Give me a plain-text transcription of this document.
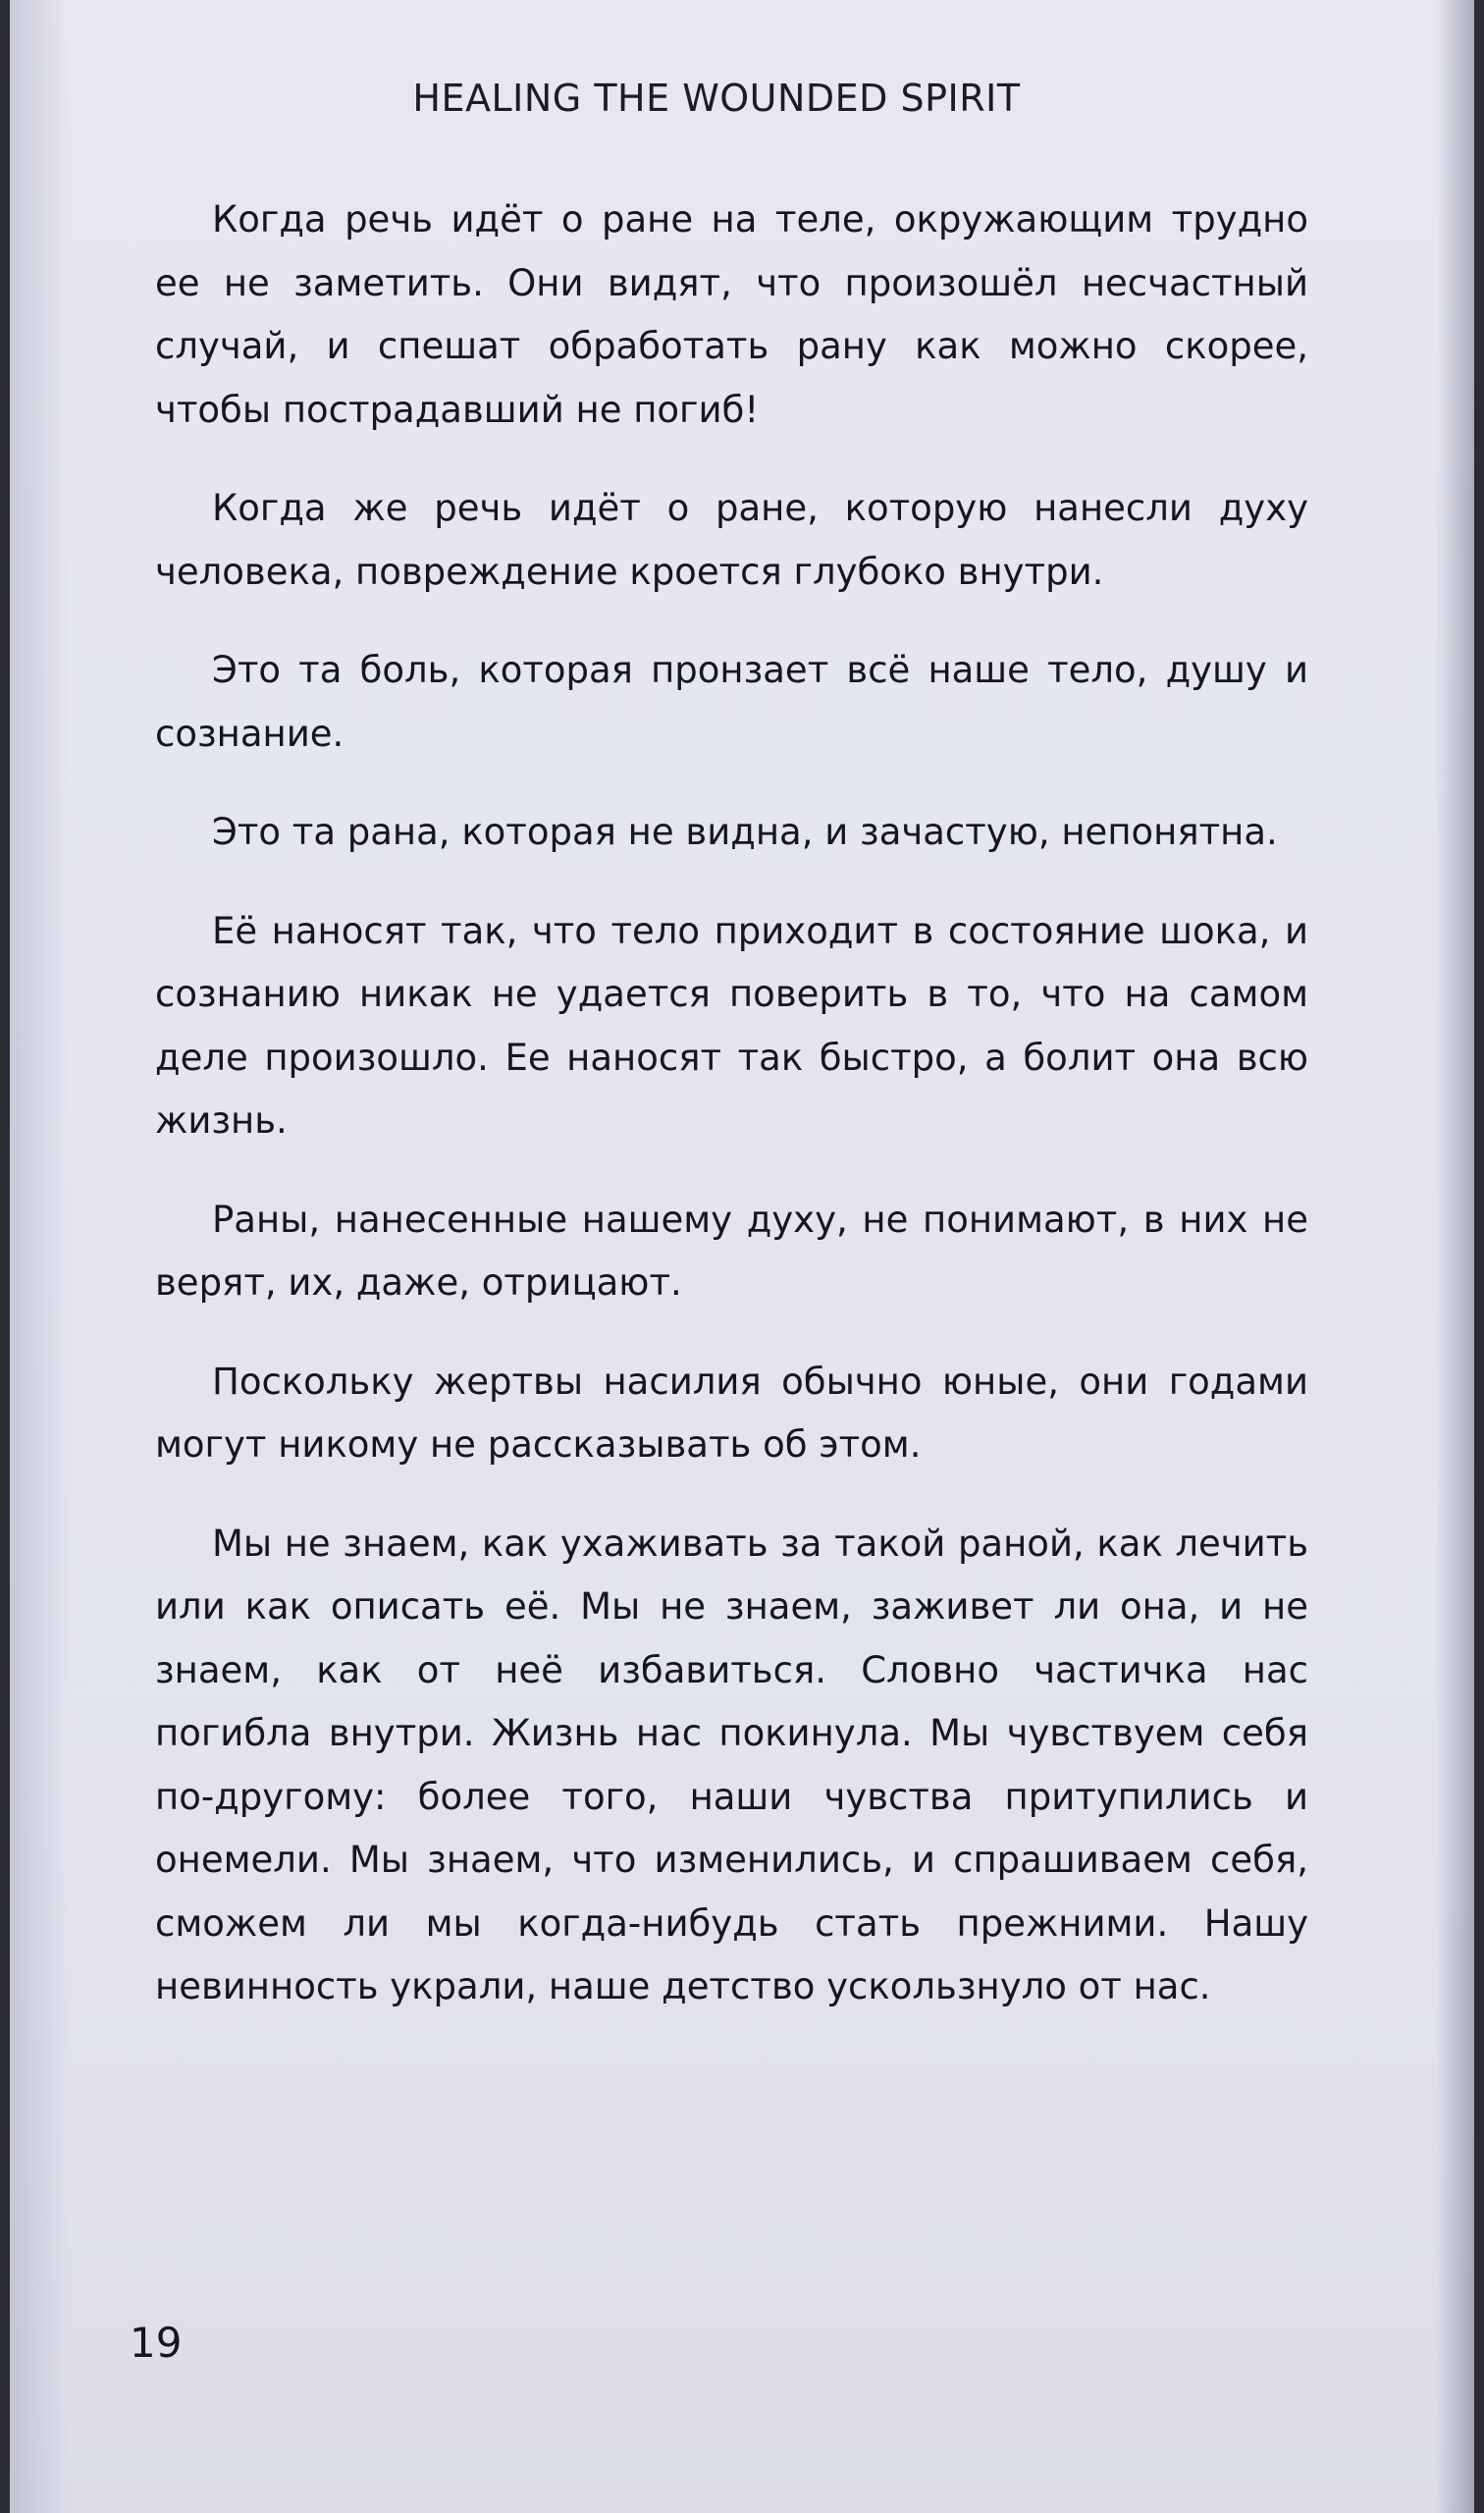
HEALING THE WOUNDED SPIRIT

Когда речь идёт о ране на теле, окружающим трудно ее не заметить. Они видят, что произошёл несчастный случай, и спешат обработать рану как можно скорее, чтобы пострадавший не погиб!

Когда же речь идёт о ране, которую нанесли духу человека, повреждение кроется глубоко внутри.

Это та боль, которая пронзает всё наше тело, душу и сознание.

Это та рана, которая не видна, и зачастую, непонятна.

Её наносят так, что тело приходит в состояние шока, и сознанию никак не удается поверить в то, что на самом деле произошло. Ее наносят так быстро, а болит она всю жизнь.

Раны, нанесенные нашему духу, не понимают, в них не верят, их, даже, отрицают.

Поскольку жертвы насилия обычно юные, они годами могут никому не рассказывать об этом.

Мы не знаем, как ухаживать за такой раной, как лечить или как описать её. Мы не знаем, заживет ли она, и не знаем, как от неё избавиться. Словно частичка нас погибла внутри. Жизнь нас покинула. Мы чувствуем себя по-другому: более того, наши чувства притупились и онемели. Мы знаем, что изменились, и спрашиваем себя, сможем ли мы когда-нибудь стать прежними. Нашу невинность украли, наше детство ускользнуло от нас.

19
